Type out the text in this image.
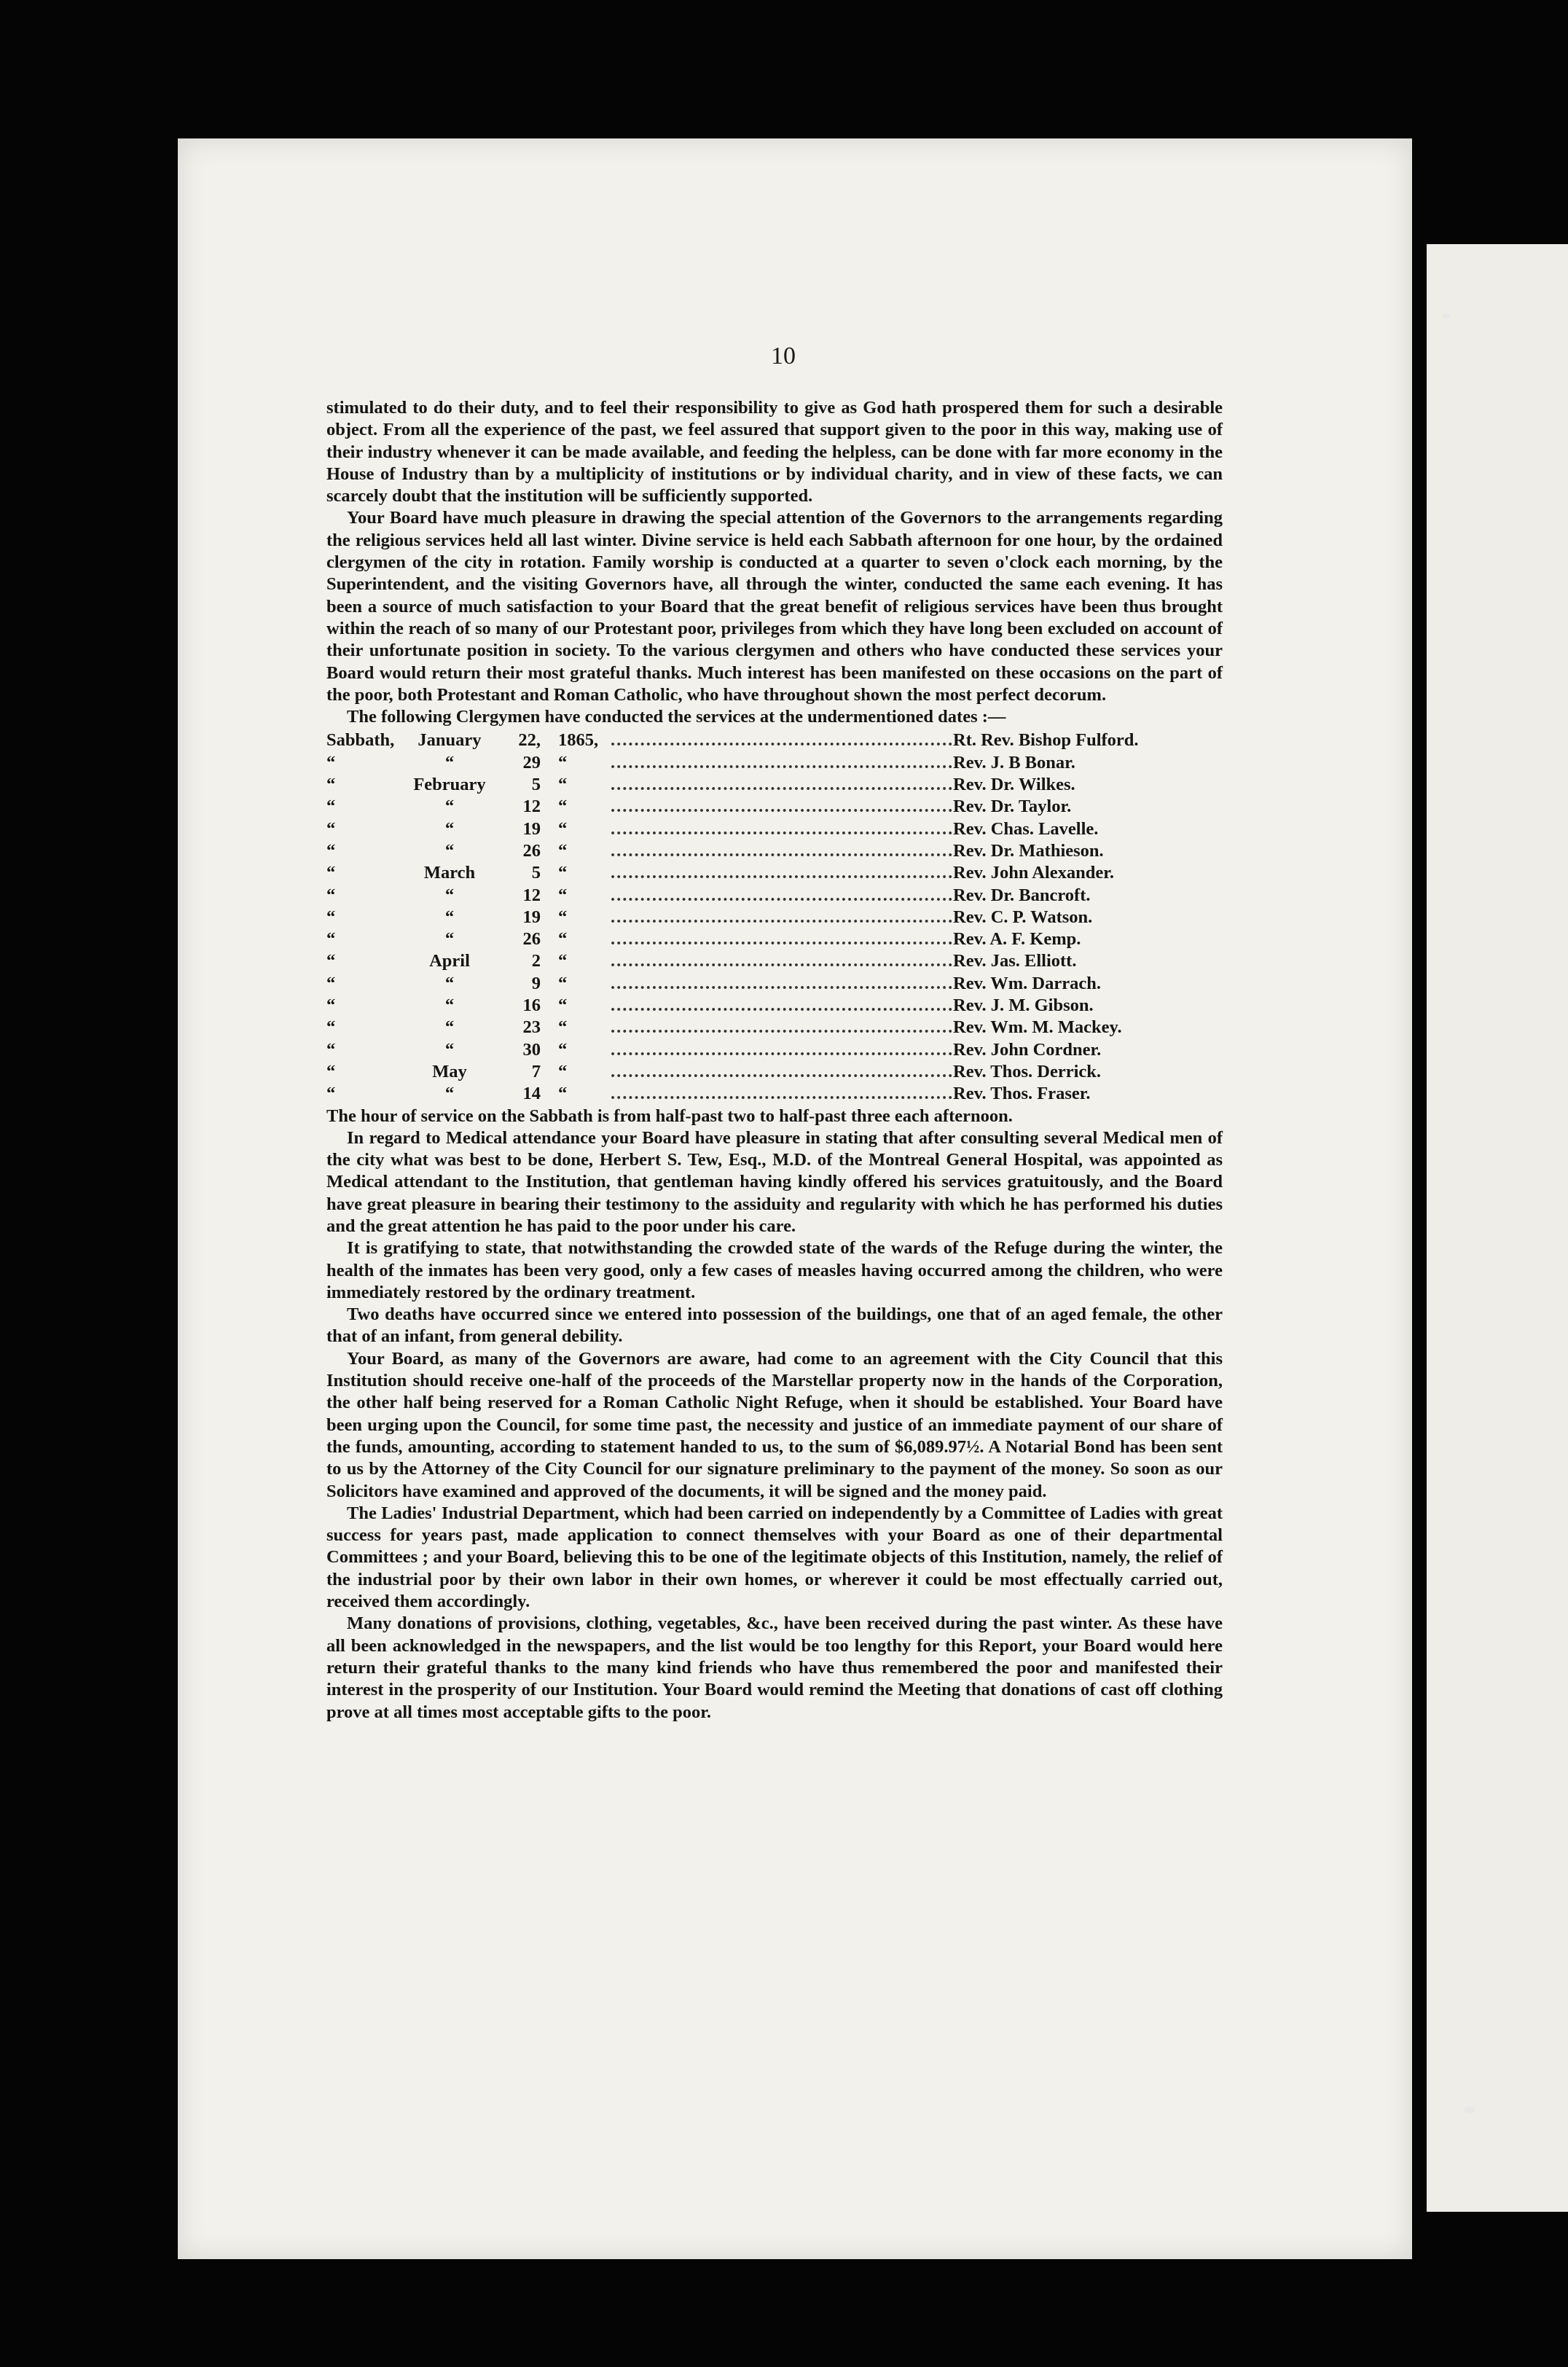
10

stimulated to do their duty, and to feel their responsibility to give as God hath prospered them for such a desirable object. From all the experience of the past, we feel assured that support given to the poor in this way, making use of their industry whenever it can be made available, and feeding the helpless, can be done with far more economy in the House of Industry than by a multiplicity of institutions or by individual charity, and in view of these facts, we can scarcely doubt that the institution will be sufficiently supported.

Your Board have much pleasure in drawing the special attention of the Governors to the arrangements regarding the religious services held all last winter. Divine service is held each Sabbath afternoon for one hour, by the ordained clergymen of the city in rotation. Family worship is conducted at a quarter to seven o'clock each morning, by the Superintendent, and the visiting Governors have, all through the winter, conducted the same each evening. It has been a source of much satisfaction to your Board that the great benefit of religious services have been thus brought within the reach of so many of our Protestant poor, privileges from which they have long been excluded on account of their unfortunate position in society. To the various clergymen and others who have conducted these services your Board would return their most grateful thanks. Much interest has been manifested on these occasions on the part of the poor, both Protestant and Roman Catholic, who have throughout shown the most perfect decorum.

The following Clergymen have conducted the services at the undermentioned dates :—

Sabbath,	January	22, 1865, .....	Rt. Rev. Bishop Fulford.
“	“	29 “ .....	Rev. J. B Bonar.
“	February	5 “ .....	Rev. Dr. Wilkes.
“	“	12 “ .....	Rev. Dr. Taylor.
“	“	19 “ .....	Rev. Chas. Lavelle.
“	“	26 “ .....	Rev. Dr. Mathieson.
“	March	5 “ .....	Rev. John Alexander.
“	“	12 “ .....	Rev. Dr. Bancroft.
“	“	19 “ .....	Rev. C. P. Watson.
“	“	26 “ .....	Rev. A. F. Kemp.
“	April	2 “ .....	Rev. Jas. Elliott.
“	“	9 “ .....	Rev. Wm. Darrach.
“	“	16 “ .....	Rev. J. M. Gibson.
“	“	23 “ .....	Rev. Wm. M. Mackey.
“	“	30 “ .....	Rev. John Cordner.
“	May	7 “ .....	Rev. Thos. Derrick.
“	“	14 “ .....	Rev. Thos. Fraser.

The hour of service on the Sabbath is from half-past two to half-past three each afternoon.

In regard to Medical attendance your Board have pleasure in stating that after consulting several Medical men of the city what was best to be done, Herbert S. Tew, Esq., M.D. of the Montreal General Hospital, was appointed as Medical attendant to the Institution, that gentleman having kindly offered his services gratuitously, and the Board have great pleasure in bearing their testimony to the assiduity and regularity with which he has performed his duties and the great attention he has paid to the poor under his care.

It is gratifying to state, that notwithstanding the crowded state of the wards of the Refuge during the winter, the health of the inmates has been very good, only a few cases of measles having occurred among the children, who were immediately restored by the ordinary treatment.

Two deaths have occurred since we entered into possession of the buildings, one that of an aged female, the other that of an infant, from general debility.

Your Board, as many of the Governors are aware, had come to an agreement with the City Council that this Institution should receive one-half of the proceeds of the Marstellar property now in the hands of the Corporation, the other half being reserved for a Roman Catholic Night Refuge, when it should be established. Your Board have been urging upon the Council, for some time past, the necessity and justice of an immediate payment of our share of the funds, amounting, according to statement handed to us, to the sum of $6,089.97½. A Notarial Bond has been sent to us by the Attorney of the City Council for our signature preliminary to the payment of the money. So soon as our Solicitors have examined and approved of the documents, it will be signed and the money paid.

The Ladies' Industrial Department, which had been carried on independently by a Committee of Ladies with great success for years past, made application to connect themselves with your Board as one of their departmental Committees ; and your Board, believing this to be one of the legitimate objects of this Institution, namely, the relief of the industrial poor by their own labor in their own homes, or wherever it could be most effectually carried out, received them accordingly.

Many donations of provisions, clothing, vegetables, &c., have been received during the past winter. As these have all been acknowledged in the newspapers, and the list would be too lengthy for this Report, your Board would here return their grateful thanks to the many kind friends who have thus remembered the poor and manifested their interest in the prosperity of our Institution. Your Board would remind the Meeting that donations of cast off clothing prove at all times most acceptable gifts to the poor.
